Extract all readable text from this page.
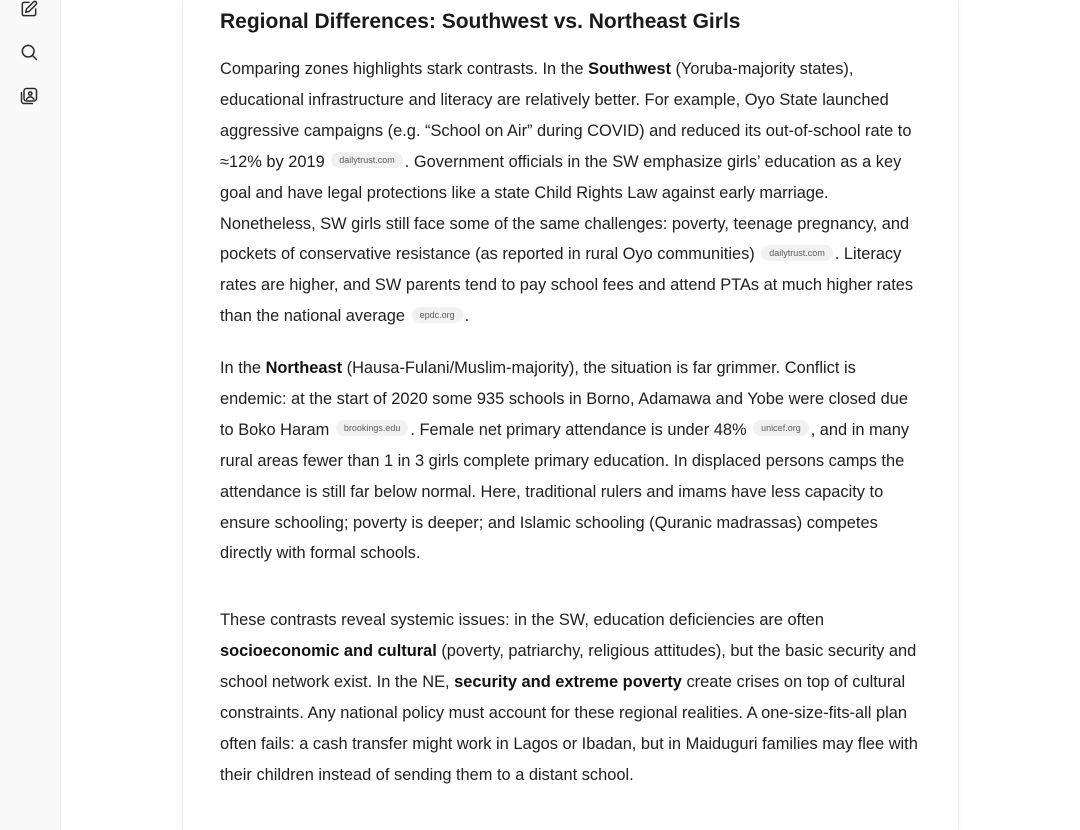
Regional Differences: Southwest vs. Northeast Girls

Comparing zones highlights stark contrasts. In the Southwest (Yoruba-majority states), educational infrastructure and literacy are relatively better. For example, Oyo State launched aggressive campaigns (e.g. “School on Air” during COVID) and reduced its out-of-school rate to ≈12% by 2019 dailytrust.com . Government officials in the SW emphasize girls’ education as a key goal and have legal protections like a state Child Rights Law against early marriage. Nonetheless, SW girls still face some of the same challenges: poverty, teenage pregnancy, and pockets of conservative resistance (as reported in rural Oyo communities) dailytrust.com . Literacy rates are higher, and SW parents tend to pay school fees and attend PTAs at much higher rates than the national average epdc.org .

In the Northeast (Hausa-Fulani/Muslim-majority), the situation is far grimmer. Conflict is endemic: at the start of 2020 some 935 schools in Borno, Adamawa and Yobe were closed due to Boko Haram brookings.edu . Female net primary attendance is under 48% unicef.org , and in many rural areas fewer than 1 in 3 girls complete primary education. In displaced persons camps the attendance is still far below normal. Here, traditional rulers and imams have less capacity to ensure schooling; poverty is deeper; and Islamic schooling (Quranic madrassas) competes directly with formal schools.

These contrasts reveal systemic issues: in the SW, education deficiencies are often socioeconomic and cultural (poverty, patriarchy, religious attitudes), but the basic security and school network exist. In the NE, security and extreme poverty create crises on top of cultural constraints. Any national policy must account for these regional realities. A one-size-fits-all plan often fails: a cash transfer might work in Lagos or Ibadan, but in Maiduguri families may flee with their children instead of sending them to a distant school.
